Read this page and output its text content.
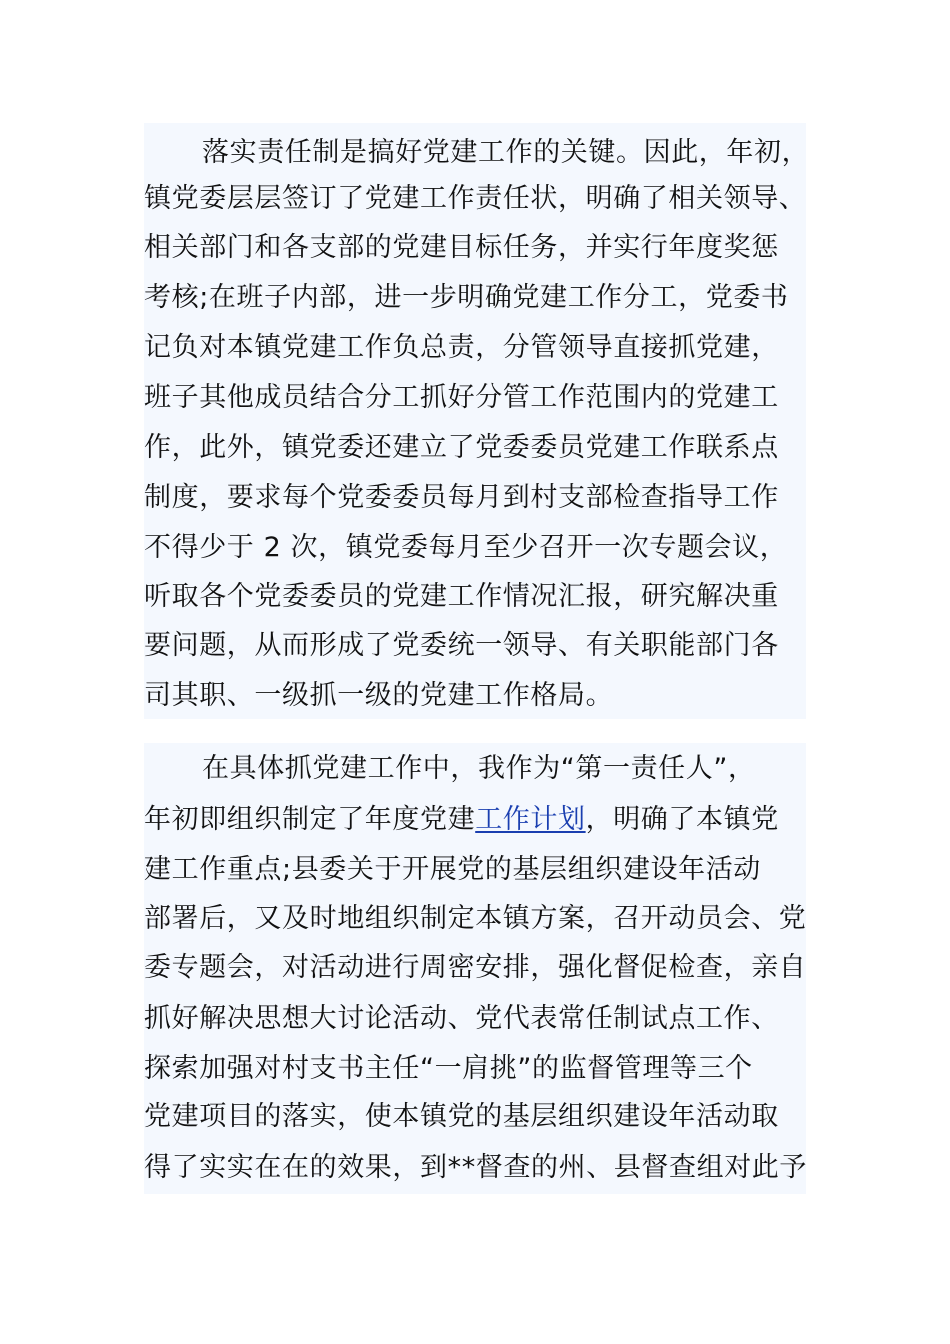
落实责任制是搞好党建工作的关键。因此，年初，
镇党委层层签订了党建工作责任状，明确了相关领导、
相关部门和各支部的党建目标任务，并实行年度奖惩
考核;在班子内部，进一步明确党建工作分工，党委书
记负对本镇党建工作负总责，分管领导直接抓党建，
班子其他成员结合分工抓好分管工作范围内的党建工
作，此外，镇党委还建立了党委委员党建工作联系点
制度，要求每个党委委员每月到村支部检查指导工作
不得少于 2 次，镇党委每月至少召开一次专题会议，
听取各个党委委员的党建工作情况汇报，研究解决重
要问题，从而形成了党委统一领导、有关职能部门各
司其职、一级抓一级的党建工作格局。
在具体抓党建工作中，我作为“第一责任人”，
年初即组织制定了年度党建工作计划，明确了本镇党
建工作重点;县委关于开展党的基层组织建设年活动
部署后，又及时地组织制定本镇方案，召开动员会、党
委专题会，对活动进行周密安排，强化督促检查，亲自
抓好解决思想大讨论活动、党代表常任制试点工作、
探索加强对村支书主任“一肩挑”的监督管理等三个
党建项目的落实，使本镇党的基层组织建设年活动取
得了实实在在的效果，到**督查的州、县督查组对此予
